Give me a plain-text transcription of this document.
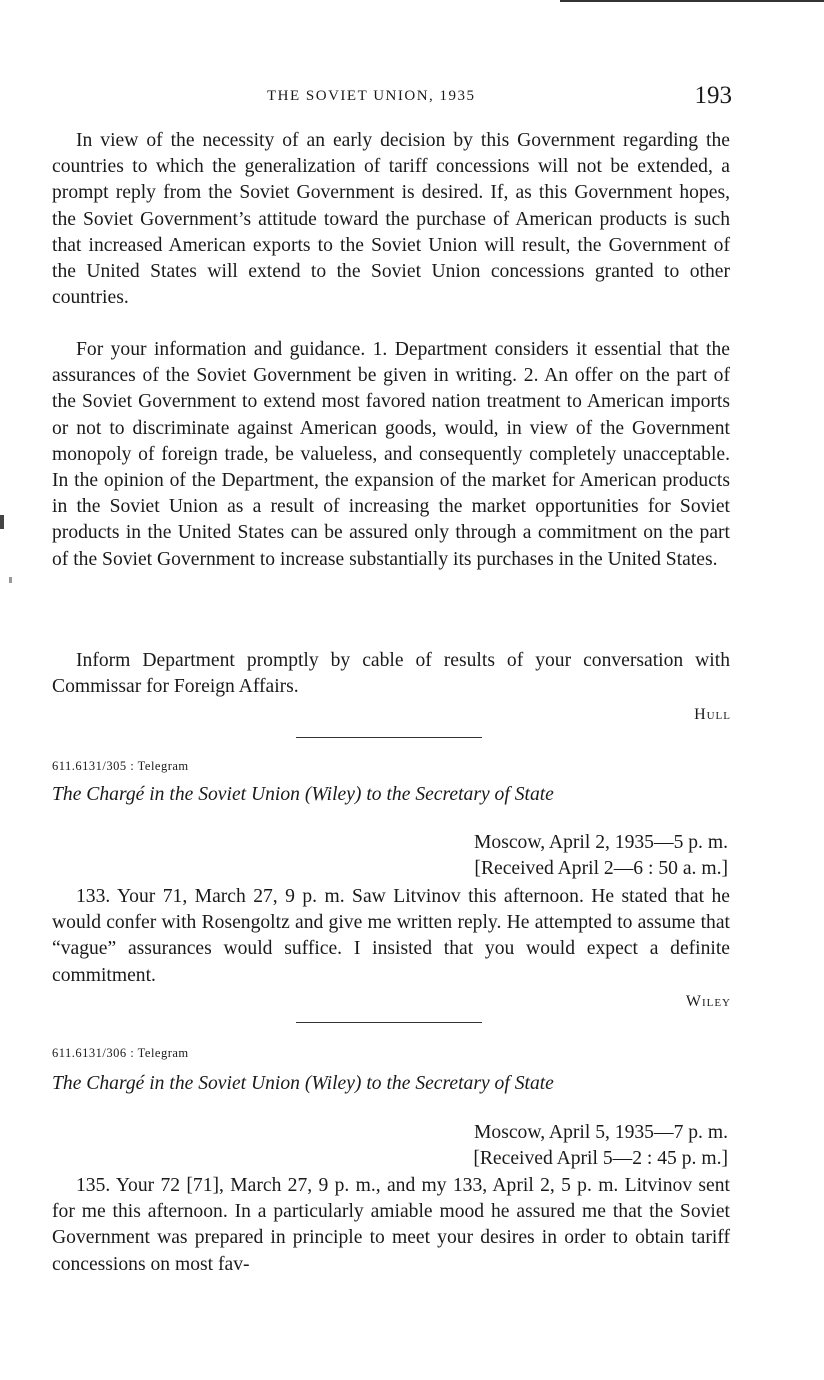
THE SOVIET UNION, 1935	193

In view of the necessity of an early decision by this Government regarding the countries to which the generalization of tariff concessions will not be extended, a prompt reply from the Soviet Government is desired. If, as this Government hopes, the Soviet Government’s attitude toward the purchase of American products is such that increased American exports to the Soviet Union will result, the Government of the United States will extend to the Soviet Union concessions granted to other countries.

For your information and guidance. 1. Department considers it essential that the assurances of the Soviet Government be given in writing. 2. An offer on the part of the Soviet Government to extend most favored nation treatment to American imports or not to discriminate against American goods, would, in view of the Government monopoly of foreign trade, be valueless, and consequently completely unacceptable. In the opinion of the Department, the expansion of the market for American products in the Soviet Union as a result of increasing the market opportunities for Soviet products in the United States can be assured only through a commitment on the part of the Soviet Government to increase substantially its purchases in the United States.

Inform Department promptly by cable of results of your conversation with Commissar for Foreign Affairs.

Hull
611.6131/305 : Telegram
The Chargé in the Soviet Union (Wiley) to the Secretary of State
Moscow, April 2, 1935—5 p. m.
[Received April 2—6 : 50 a. m.]

133. Your 71, March 27, 9 p. m. Saw Litvinov this afternoon. He stated that he would confer with Rosengoltz and give me written reply. He attempted to assume that “vague” assurances would suffice. I insisted that you would expect a definite commitment.

Wiley
611.6131/306 : Telegram
The Chargé in the Soviet Union (Wiley) to the Secretary of State
Moscow, April 5, 1935—7 p. m.
[Received April 5—2 : 45 p. m.]

135. Your 72 [71], March 27, 9 p. m., and my 133, April 2, 5 p. m. Litvinov sent for me this afternoon. In a particularly amiable mood he assured me that the Soviet Government was prepared in principle to meet your desires in order to obtain tariff concessions on most fav-
